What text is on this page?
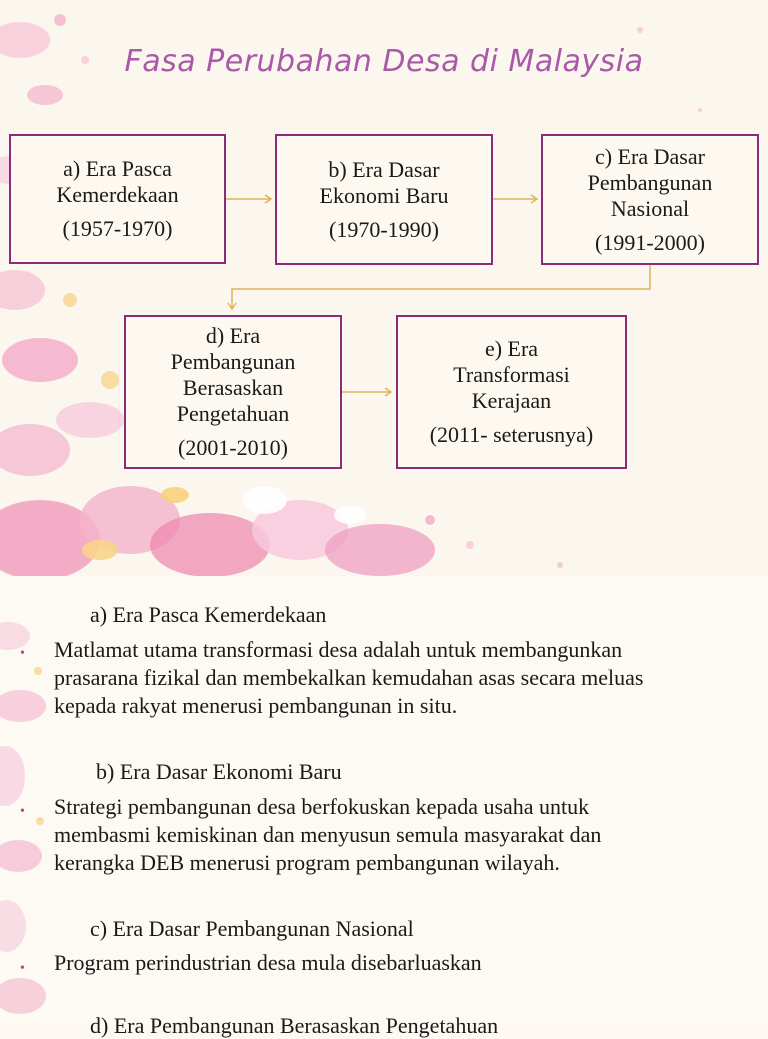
Fasa Perubahan Desa di Malaysia
a) Era Pasca
Kemerdekaan
(1957-1970)
b) Era Dasar
Ekonomi Baru
(1970-1990)
c) Era Dasar
Pembangunan
Nasional
(1991-2000)
d) Era
Pembangunan
Berasaskan
Pengetahuan
(2001-2010)
e) Era
Transformasi
Kerajaan
(2011- seterusnya)
a) Era Pasca Kemerdekaan
• Matlamat utama transformasi desa adalah untuk membangunkan
prasarana fizikal dan membekalkan kemudahan asas secara meluas
kepada rakyat menerusi pembangunan in situ.
b) Era Dasar Ekonomi Baru
• Strategi pembangunan desa berfokuskan kepada usaha untuk
membasmi kemiskinan dan menyusun semula masyarakat dan
kerangka DEB menerusi program pembangunan wilayah.
c) Era Dasar Pembangunan Nasional
• Program perindustrian desa mula disebarluaskan
d) Era Pembangunan Berasaskan Pengetahuan
